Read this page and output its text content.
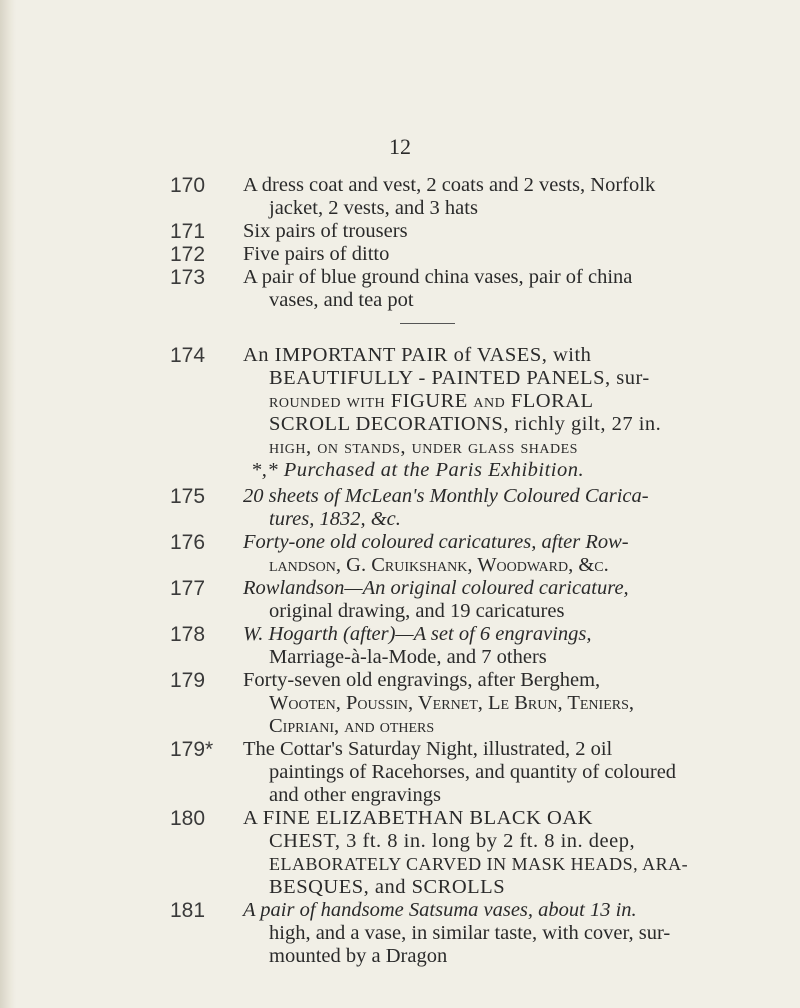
12
170	A dress coat and vest, 2 coats and 2 vests, Norfolk
jacket, 2 vests, and 3 hats
171	Six pairs of trousers
172	Five pairs of ditto
173	A pair of blue ground china vases, pair of china
vases, and tea pot
174	An IMPORTANT PAIR of VASES, with
BEAUTIFULLY - PAINTED PANELS, sur-
rounded with FIGURE and FLORAL
SCROLL DECORATIONS, richly gilt, 27 in.
high, on stands, under glass shades
*,* Purchased at the Paris Exhibition.
175	20 sheets of McLean's Monthly Coloured Carica-
tures, 1832, &c.
176	Forty-one old coloured caricatures, after Row-
landson, G. Cruikshank, Woodward, &c.
177	Rowlandson—An original coloured caricature,
original drawing, and 19 caricatures
178	W. Hogarth (after)—A set of 6 engravings,
Marriage-à-la-Mode, and 7 others
179	Forty-seven old engravings, after Berghem,
Wooten, Poussin, Vernet, Le Brun, Teniers,
Cipriani, and others
179*	The Cottar's Saturday Night, illustrated, 2 oil
paintings of Racehorses, and quantity of coloured
and other engravings
180	A FINE ELIZABETHAN BLACK OAK
CHEST, 3 ft. 8 in. long by 2 ft. 8 in. deep,
ELABORATELY CARVED IN MASK HEADS, ARA-
BESQUES, and SCROLLS
181	A pair of handsome Satsuma vases, about 13 in.
high, and a vase, in similar taste, with cover, sur-
mounted by a Dragon
